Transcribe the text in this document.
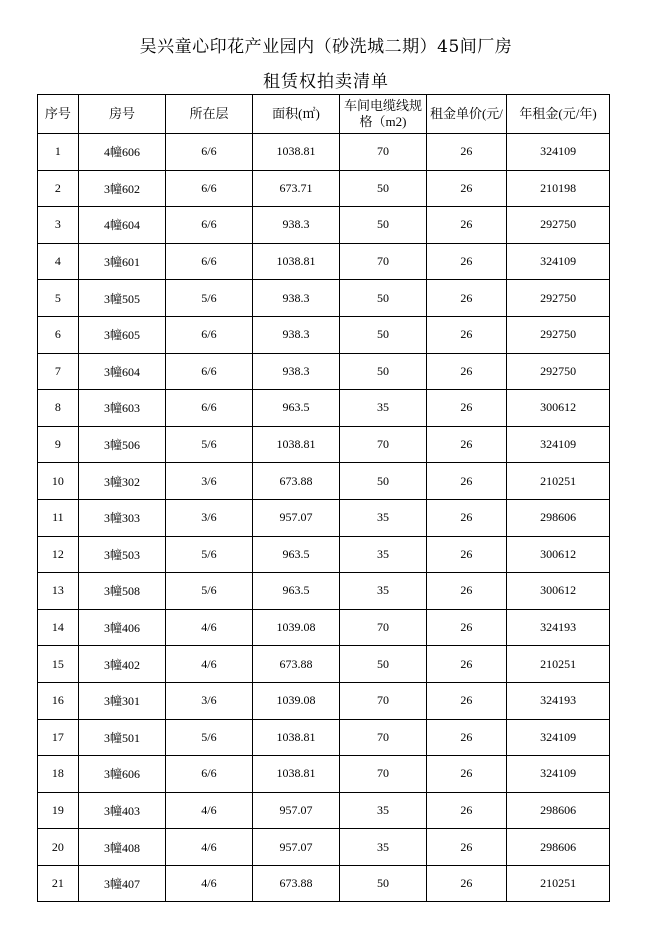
吴兴童心印花产业园内（砂洗城二期）45间厂房
租赁权拍卖清单
序号	房号	所在层	面积(㎡)	车间电缆线规格（m2)	租金单价(元/	年租金(元/年)
1	4幢606	6/6	1038.81	70	26	324109
2	3幢602	6/6	673.71	50	26	210198
3	4幢604	6/6	938.3	50	26	292750
4	3幢601	6/6	1038.81	70	26	324109
5	3幢505	5/6	938.3	50	26	292750
6	3幢605	6/6	938.3	50	26	292750
7	3幢604	6/6	938.3	50	26	292750
8	3幢603	6/6	963.5	35	26	300612
9	3幢506	5/6	1038.81	70	26	324109
10	3幢302	3/6	673.88	50	26	210251
11	3幢303	3/6	957.07	35	26	298606
12	3幢503	5/6	963.5	35	26	300612
13	3幢508	5/6	963.5	35	26	300612
14	3幢406	4/6	1039.08	70	26	324193
15	3幢402	4/6	673.88	50	26	210251
16	3幢301	3/6	1039.08	70	26	324193
17	3幢501	5/6	1038.81	70	26	324109
18	3幢606	6/6	1038.81	70	26	324109
19	3幢403	4/6	957.07	35	26	298606
20	3幢408	4/6	957.07	35	26	298606
21	3幢407	4/6	673.88	50	26	210251
